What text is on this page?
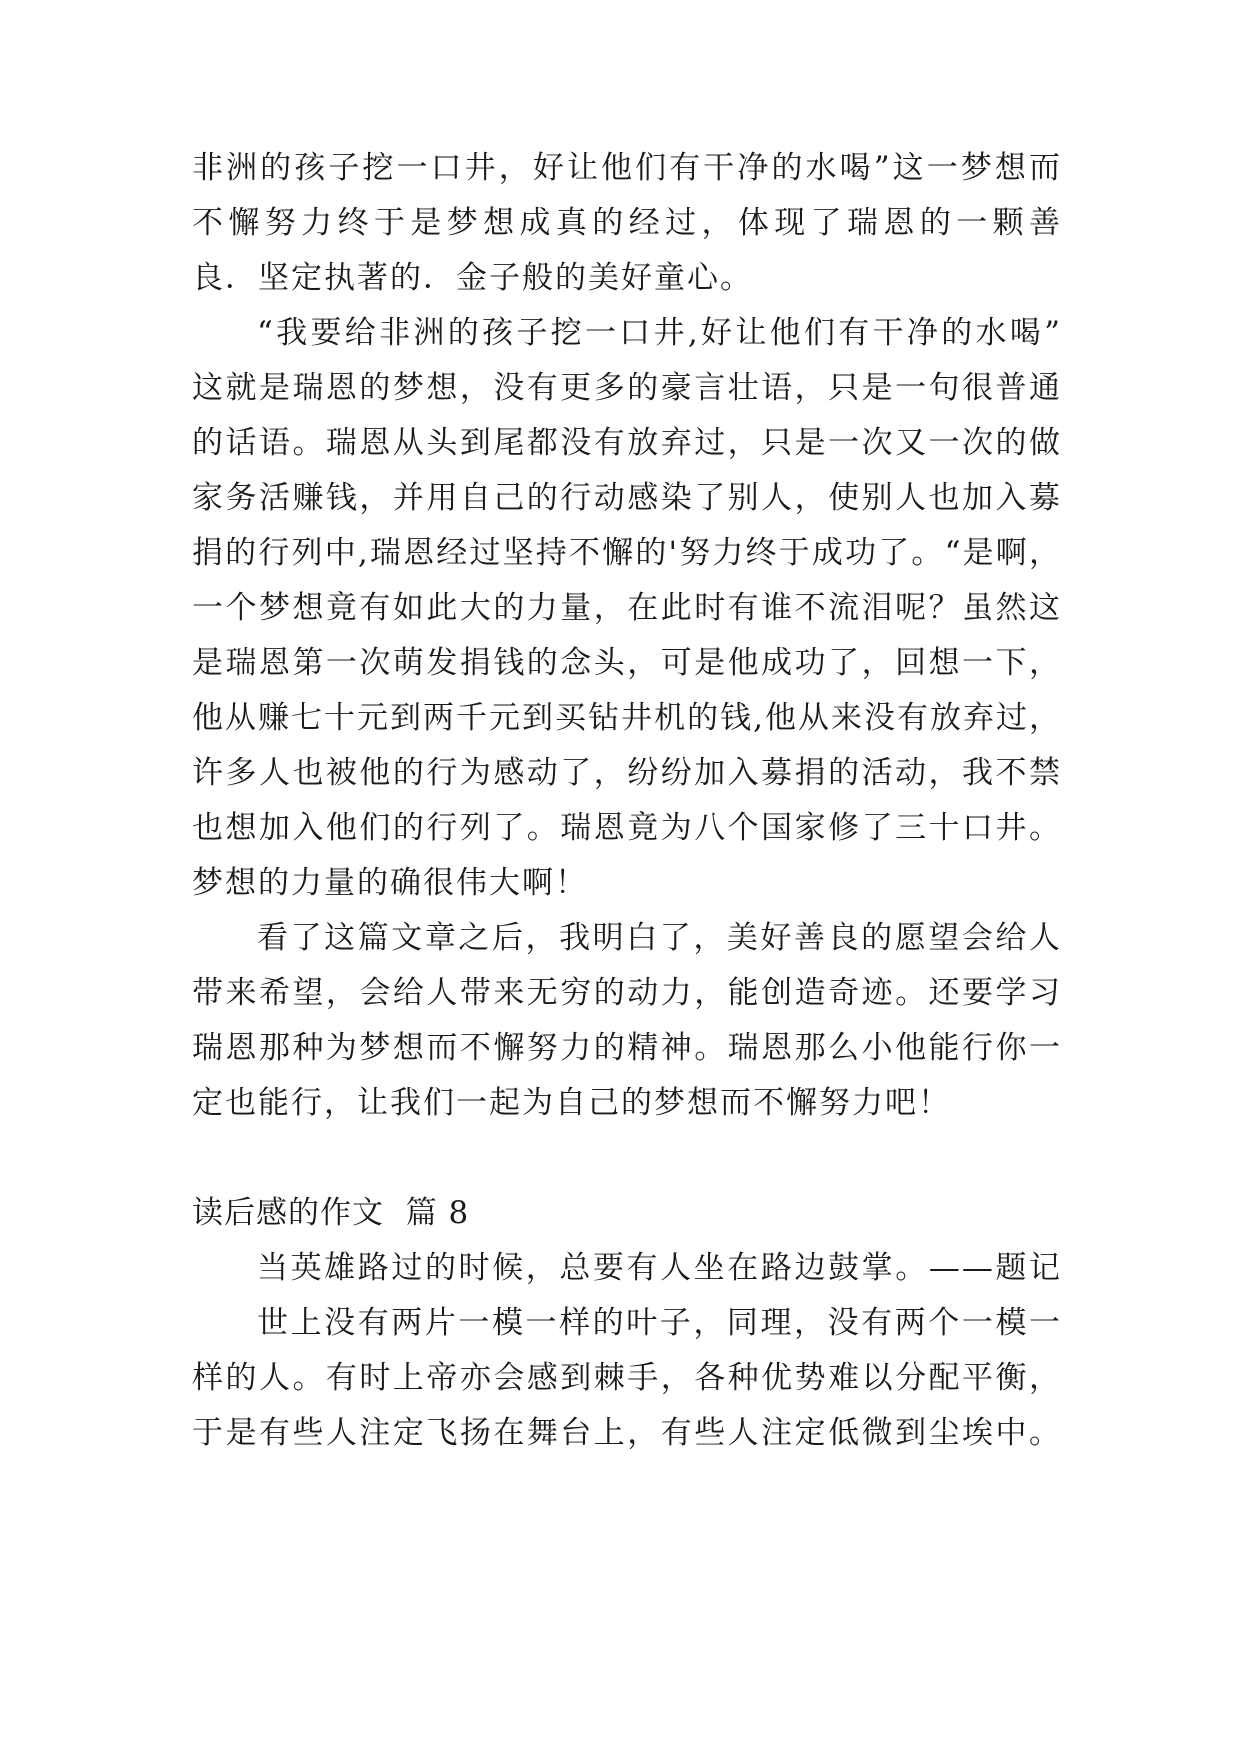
非洲的孩子挖一口井，好让他们有干净的水喝”这一梦想而
不懈努力终于是梦想成真的经过，体现了瑞恩的一颗善
良．坚定执著的．金子般的美好童心。
“我要给非洲的孩子挖一口井,好让他们有干净的水喝”
这就是瑞恩的梦想，没有更多的豪言壮语，只是一句很普通
的话语。瑞恩从头到尾都没有放弃过，只是一次又一次的做
家务活赚钱，并用自己的行动感染了别人，使别人也加入募
捐的行列中,瑞恩经过坚持不懈的'努力终于成功了。“是啊，
一个梦想竟有如此大的力量，在此时有谁不流泪呢？虽然这
是瑞恩第一次萌发捐钱的念头，可是他成功了，回想一下，
他从赚七十元到两千元到买钻井机的钱,他从来没有放弃过，
许多人也被他的行为感动了，纷纷加入募捐的活动，我不禁
也想加入他们的行列了。瑞恩竟为八个国家修了三十口井。
梦想的力量的确很伟大啊！
看了这篇文章之后，我明白了，美好善良的愿望会给人
带来希望，会给人带来无穷的动力，能创造奇迹。还要学习
瑞恩那种为梦想而不懈努力的精神。瑞恩那么小他能行你一
定也能行，让我们一起为自己的梦想而不懈努力吧！
读后感的作文  篇 8
当英雄路过的时候，总要有人坐在路边鼓掌。——题记
世上没有两片一模一样的叶子，同理，没有两个一模一
样的人。有时上帝亦会感到棘手，各种优势难以分配平衡，
于是有些人注定飞扬在舞台上，有些人注定低微到尘埃中。
